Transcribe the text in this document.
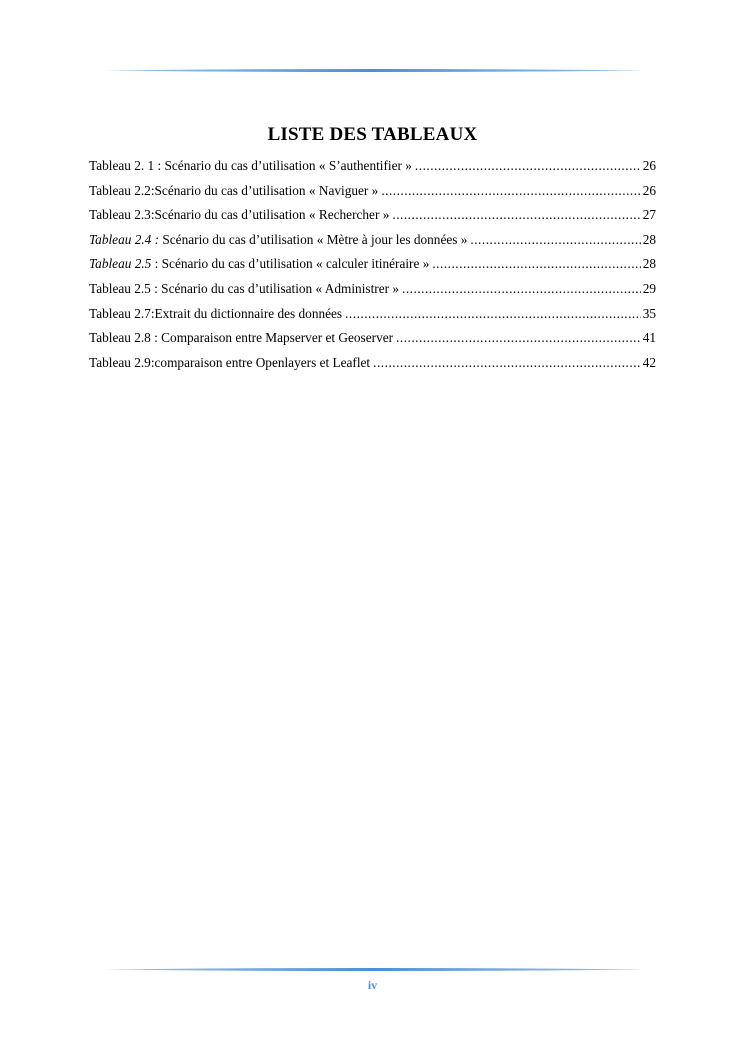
LISTE DES TABLEAUX
Tableau 2. 1 : Scénario du cas d’utilisation « S’authentifier » .....	26
Tableau 2.2:Scénario du cas d’utilisation « Naviguer » .....	26
Tableau 2.3:Scénario du cas d’utilisation « Rechercher » .....	27
Tableau 2.4 : Scénario du cas d’utilisation « Mètre à jour les données » .....	28
Tableau 2.5 : Scénario du cas d’utilisation « calculer itinéraire » .....	28
Tableau 2.5 : Scénario du cas d’utilisation « Administrer » .....	29
Tableau 2.7:Extrait du dictionnaire des données .....	35
Tableau 2.8 : Comparaison entre Mapserver et Geoserver .....	41
Tableau 2.9:comparaison entre Openlayers et Leaflet .....	42
iv
